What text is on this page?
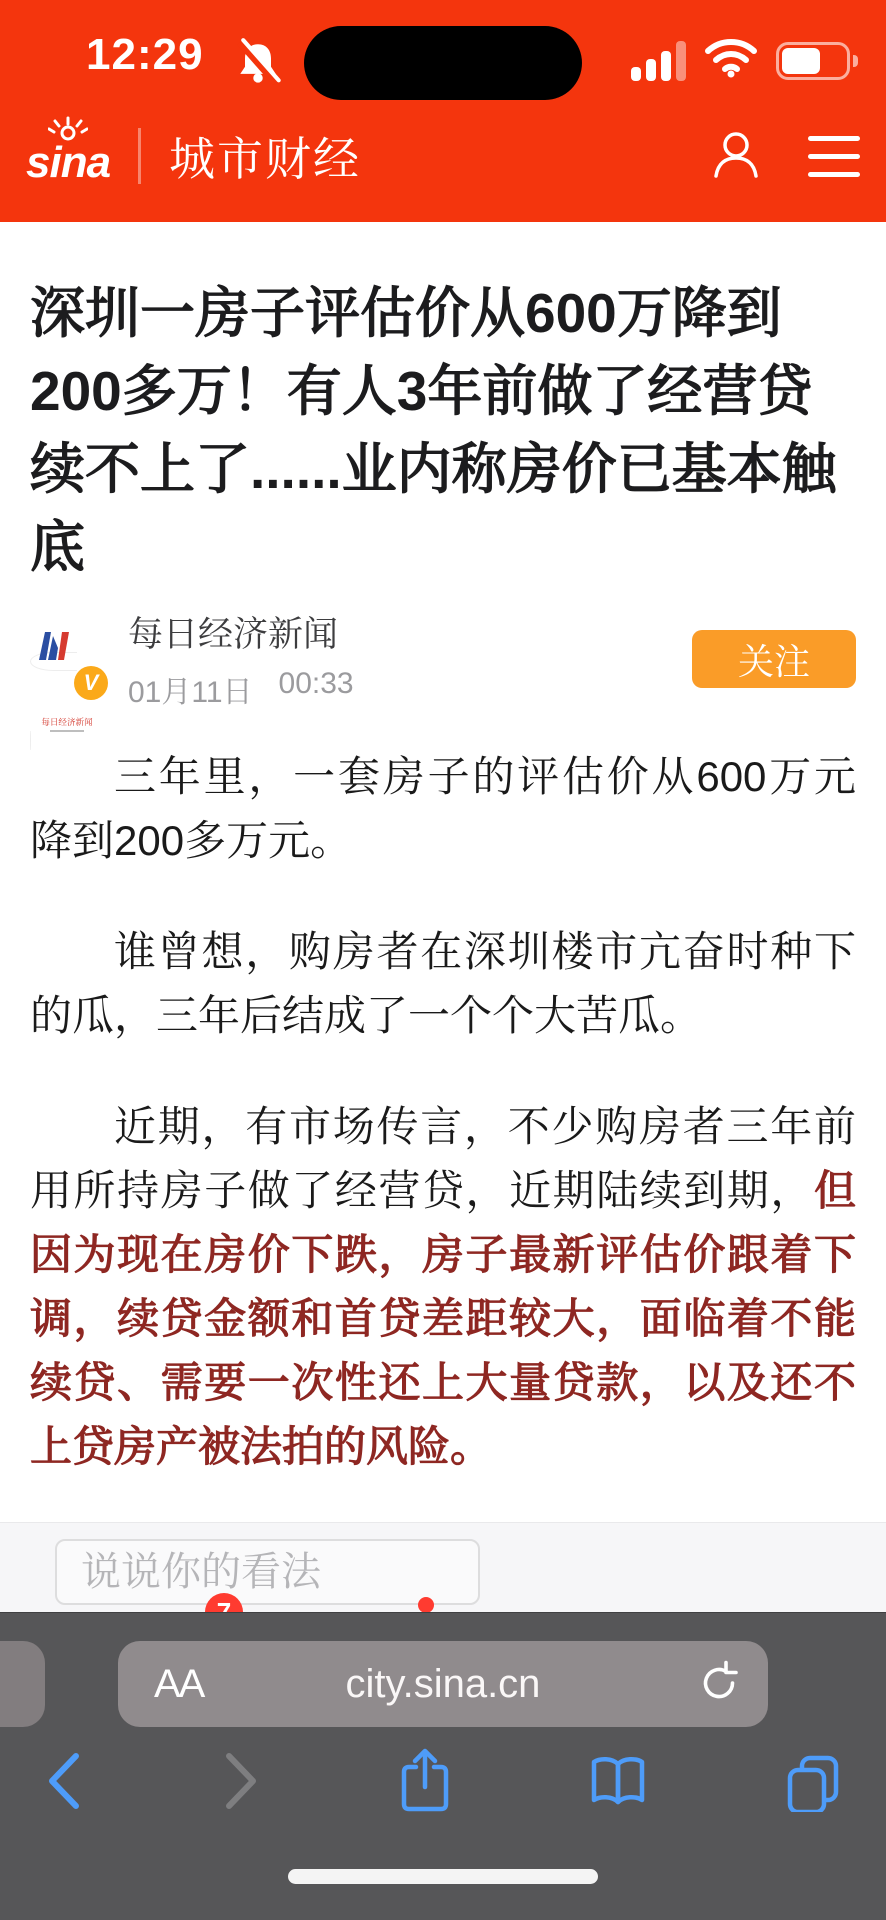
12:29
sina 城市财经
深圳一房子评估价从600万降到200多万！有人3年前做了经营贷续不上了......业内称房价已基本触底
每日经济新闻
V
每日经济新闻
01月11日 00:33
关注

三年里，一套房子的评估价从600万元降到200多万元。

谁曾想，购房者在深圳楼市亢奋时种下的瓜，三年后结成了一个个大苦瓜。

近期，有市场传言，不少购房者三年前用所持房子做了经营贷，近期陆续到期，但因为现在房价下跌，房子最新评估价跟着下调，续贷金额和首贷差距较大，面临着不能续贷、需要一次性还上大量贷款，以及还不上贷房产被法拍的风险。

说说你的看法
AA	city.sina.cn
